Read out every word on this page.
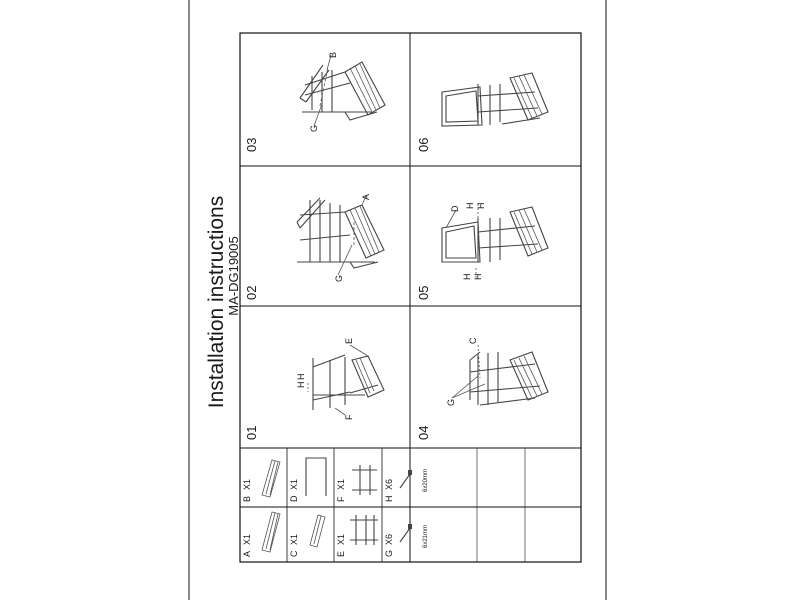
Installation instructions
MA-DG19005
03
02
01
06
05
04
B
G
A
G
H
H
E
F
D H H
H H
C
G
B
X1
A
X1
D
X1
C
X1
F
X1
E
X1
H
X6	6x20mm
G
X6	6x21mm
